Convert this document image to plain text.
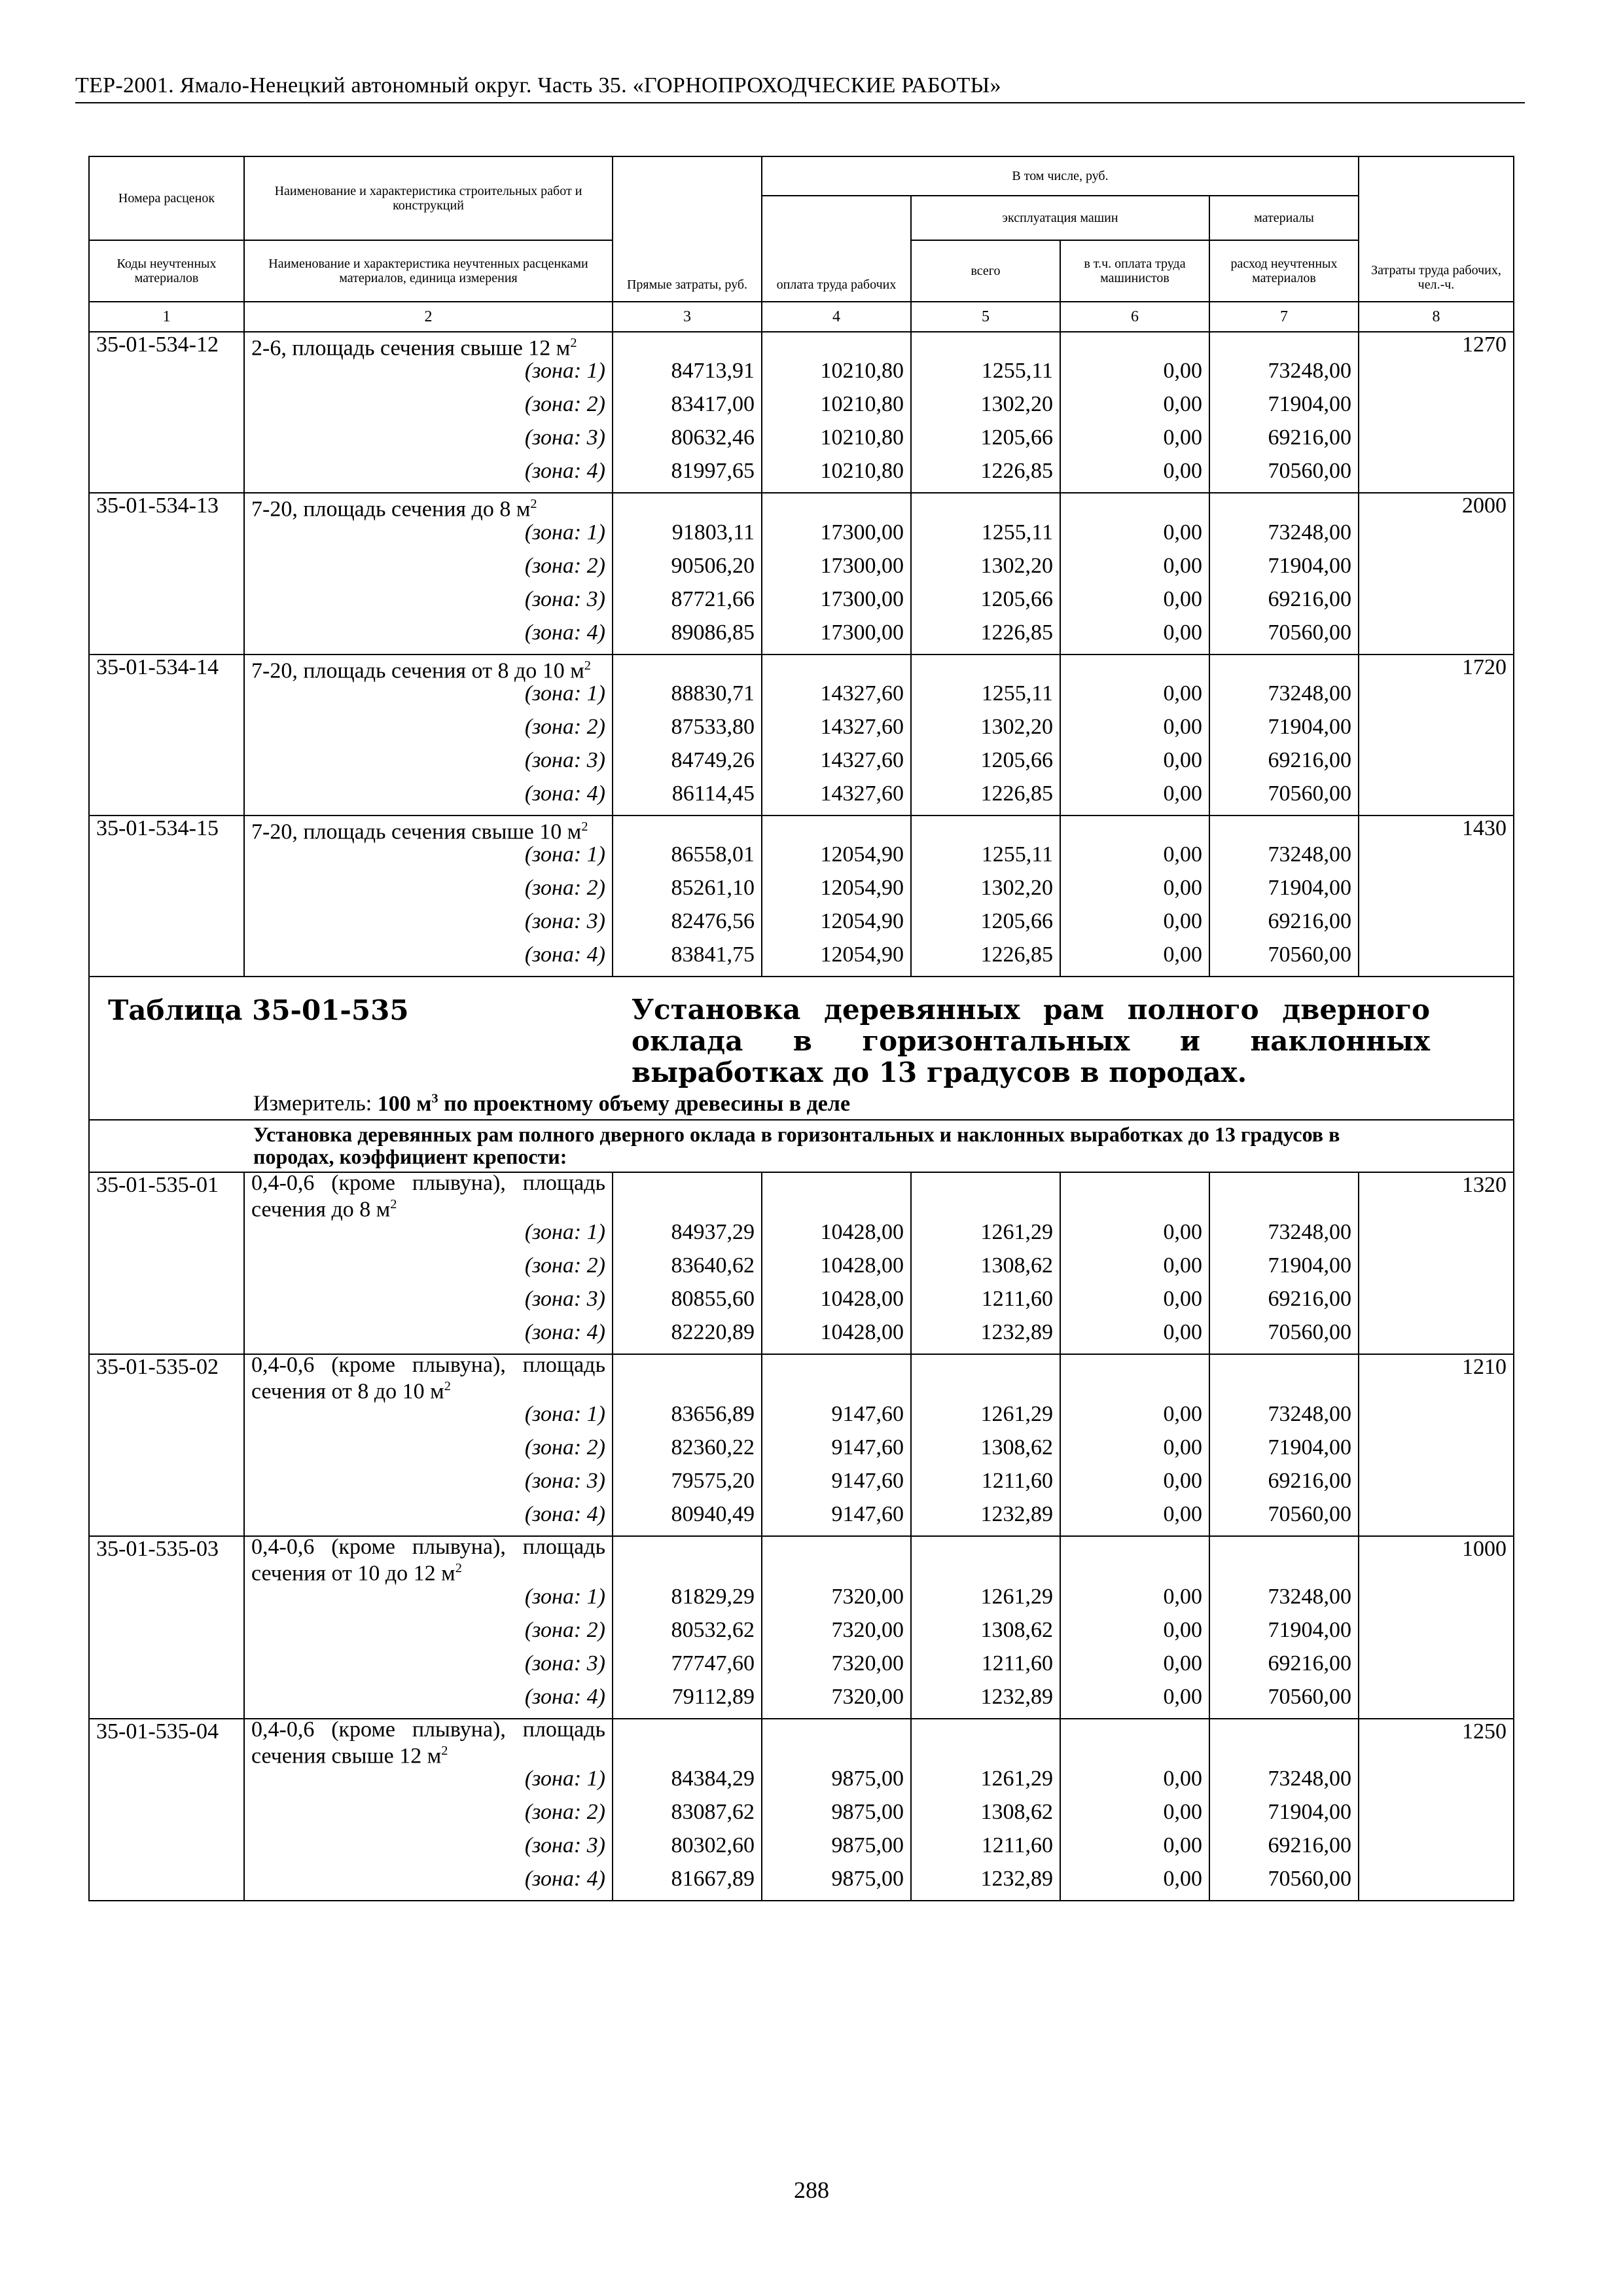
ТЕР-2001. Ямало-Ненецкий автономный округ. Часть 35. «ГОРНОПРОХОДЧЕСКИЕ РАБОТЫ»
Номера расценок	Наименование и характеристика строительных работ и конструкций	Прямые затраты, руб.	В том числе, руб.				Затраты труда рабочих, чел.-ч.
			оплата труда рабочих	эксплуатация машин		материалы	
Коды неучтенных материалов	Наименование и характеристика неучтенных расценками материалов, единица измерения			всего	в т.ч. оплата труда машинистов	расход неучтенных материалов	
1	2	3	4	5	6	7	8
35-01-534-12	2-6, площадь сечения свыше 12 $м^2$						1270
	(зона: 1)	84713,91	10210,80	1255,11	0,00	73248,00	
	(зона: 2)	83417,00	10210,80	1302,20	0,00	71904,00	
	(зона: 3)	80632,46	10210,80	1205,66	0,00	69216,00	
	(зона: 4)	81997,65	10210,80	1226,85	0,00	70560,00	
35-01-534-13	7-20, площадь сечения до 8 $м^2$						2000
	(зона: 1)	91803,11	17300,00	1255,11	0,00	73248,00	
	(зона: 2)	90506,20	17300,00	1302,20	0,00	71904,00	
	(зона: 3)	87721,66	17300,00	1205,66	0,00	69216,00	
	(зона: 4)	89086,85	17300,00	1226,85	0,00	70560,00	
35-01-534-14	7-20, площадь сечения от 8 до 10 $м^2$						1720
	(зона: 1)	88830,71	14327,60	1255,11	0,00	73248,00	
	(зона: 2)	87533,80	14327,60	1302,20	0,00	71904,00	
	(зона: 3)	84749,26	14327,60	1205,66	0,00	69216,00	
	(зона: 4)	86114,45	14327,60	1226,85	0,00	70560,00	
35-01-534-15	7-20, площадь сечения свыше 10 $м^2$						1430
	(зона: 1)	86558,01	12054,90	1255,11	0,00	73248,00	
	(зона: 2)	85261,10	12054,90	1302,20	0,00	71904,00	
	(зона: 3)	82476,56	12054,90	1205,66	0,00	69216,00	
	(зона: 4)	83841,75	12054,90	1226,85	0,00	70560,00	

Таблица 35-01-535 Установка деревянных рам полного дверного оклада в горизонтальных и наклонных выработках до 13 градусов в породах.
Измеритель: 100 $м^3$ по проектному объему древесины в деле							

Установка деревянных рам полного дверного оклада в горизонтальных и наклонных выработках до 13 градусов в породах, коэффициент крепости:							

35-01-535-01	0,4-0,6 (кроме плывуна), площадь сечения до 8 $м^2$						1320
	(зона: 1)	84937,29	10428,00	1261,29	0,00	73248,00	
	(зона: 2)	83640,62	10428,00	1308,62	0,00	71904,00	
	(зона: 3)	80855,60	10428,00	1211,60	0,00	69216,00	
	(зона: 4)	82220,89	10428,00	1232,89	0,00	70560,00	
35-01-535-02	0,4-0,6 (кроме плывуна), площадь сечения от 8 до 10 $м^2$						1210
	(зона: 1)	83656,89	9147,60	1261,29	0,00	73248,00	
	(зона: 2)	82360,22	9147,60	1308,62	0,00	71904,00	
	(зона: 3)	79575,20	9147,60	1211,60	0,00	69216,00	
	(зона: 4)	80940,49	9147,60	1232,89	0,00	70560,00	
35-01-535-03	0,4-0,6 (кроме плывуна), площадь сечения от 10 до 12 $м^2$						1000
	(зона: 1)	81829,29	7320,00	1261,29	0,00	73248,00	
	(зона: 2)	80532,62	7320,00	1308,62	0,00	71904,00	
	(зона: 3)	77747,60	7320,00	1211,60	0,00	69216,00	
	(зона: 4)	79112,89	7320,00	1232,89	0,00	70560,00	
35-01-535-04	0,4-0,6 (кроме плывуна), площадь сечения свыше 12 $м^2$						1250
	(зона: 1)	84384,29	9875,00	1261,29	0,00	73248,00	
	(зона: 2)	83087,62	9875,00	1308,62	0,00	71904,00	
	(зона: 3)	80302,60	9875,00	1211,60	0,00	69216,00	
	(зона: 4)	81667,89	9875,00	1232,89	0,00	70560,00	
288
